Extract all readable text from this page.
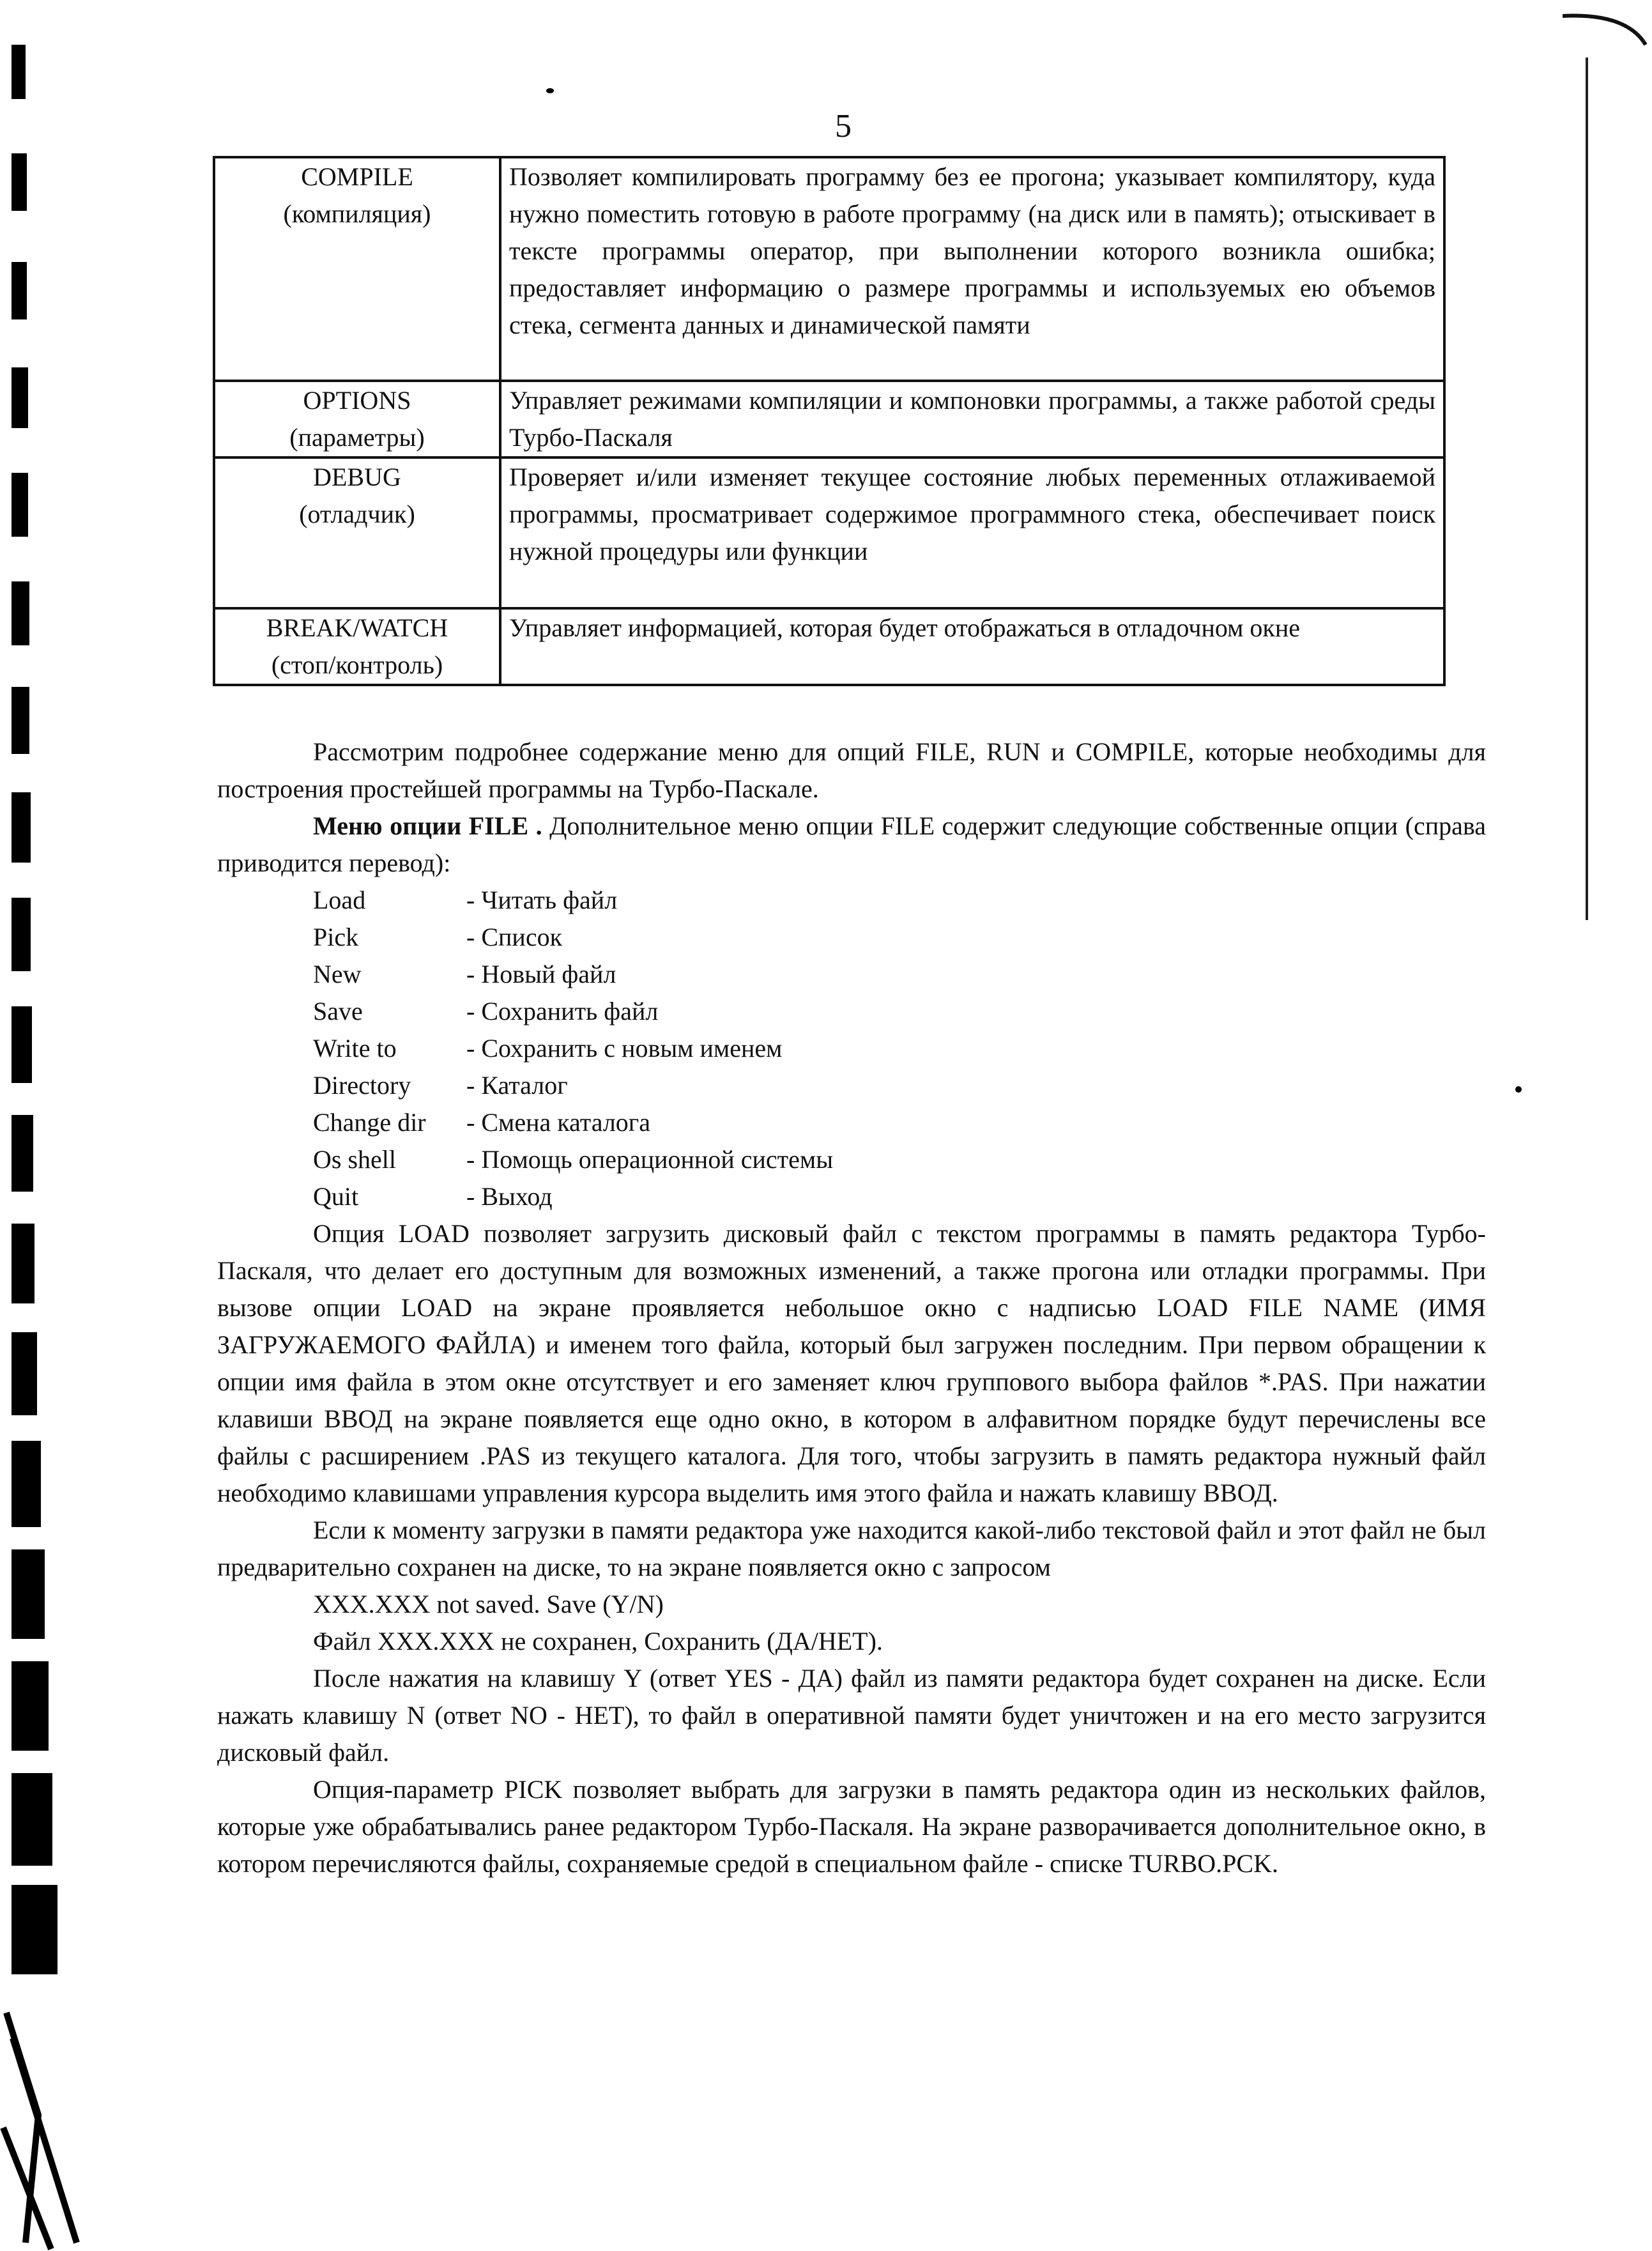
5
COMPILE
(компиляция)	Позволяет компилировать программу без ее прогона; указывает компилятору, куда нужно поместить готовую в работе программу (на диск или в память); отыскивает в тексте программы оператор, при выполнении которого возникла ошибка; предоставляет информацию о размере программы и используемых ею объемов стека, сегмента данных и динамической памяти

OPTIONS
(параметры)	Управляет режимами компиляции и компоновки программы, а также работой среды Турбо-Паскаля

DEBUG
(отладчик)	Проверяет и/или изменяет текущее состояние любых переменных отлаживаемой программы, просматривает содержимое программного стека, обеспечивает поиск нужной процедуры или функции

BREAK/WATCH
(стоп/контроль)	Управляет информацией, которая будет отображаться в отладочном окне

Рассмотрим подробнее содержание меню для опций FILE, RUN и COMPILE, которые необходимы для построения простейшей программы на Турбо-Паскале.

Меню опции FILE . Дополнительное меню опции FILE содержит следующие собственные опции (справа приводится перевод):

Load	- Читать файл
Pick	- Список
New	- Новый файл
Save	- Сохранить файл
Write to	- Сохранить с новым именем
Directory	- Каталог
Change dir	- Смена каталога
Os shell	- Помощь операционной системы
Quit	- Выход

Опция LOAD позволяет загрузить дисковый файл с текстом программы в память редактора Турбо-Паскаля, что делает его доступным для возможных изменений, а также прогона или отладки программы. При вызове опции LOAD на экране проявляется небольшое окно с надписью LOAD FILE NAME (ИМЯ ЗАГРУЖАЕМОГО ФАЙЛА) и именем того файла, который был загружен последним. При первом обращении к опции имя файла в этом окне отсутствует и его заменяет ключ группового выбора файлов *.PAS. При нажатии клавиши ВВОД на экране появляется еще одно окно, в котором в алфавитном порядке будут перечислены все файлы с расширением .PAS из текущего каталога. Для того, чтобы загрузить в память редактора нужный файл необходимо клавишами управления курсора выделить имя этого файла и нажать клавишу ВВОД.

Если к моменту загрузки в памяти редактора уже находится какой-либо текстовой файл и этот файл не был предварительно сохранен на диске, то на экране появляется окно с запросом

XXX.XXX not saved. Save (Y/N)
Файл XXX.XXX не сохранен, Сохранить (ДА/НЕТ).

После нажатия на клавишу Y (ответ YES - ДА) файл из памяти редактора будет сохранен на диске. Если нажать клавишу N (ответ NO - НЕТ), то файл в оперативной памяти будет уничтожен и на его место загрузится дисковый файл.

Опция-параметр PICK позволяет выбрать для загрузки в память редактора один из нескольких файлов, которые уже обрабатывались ранее редактором Турбо-Паскаля. На экране разворачивается дополнительное окно, в котором перечисляются файлы, сохраняемые средой в специальном файле - списке TURBO.PCK.
